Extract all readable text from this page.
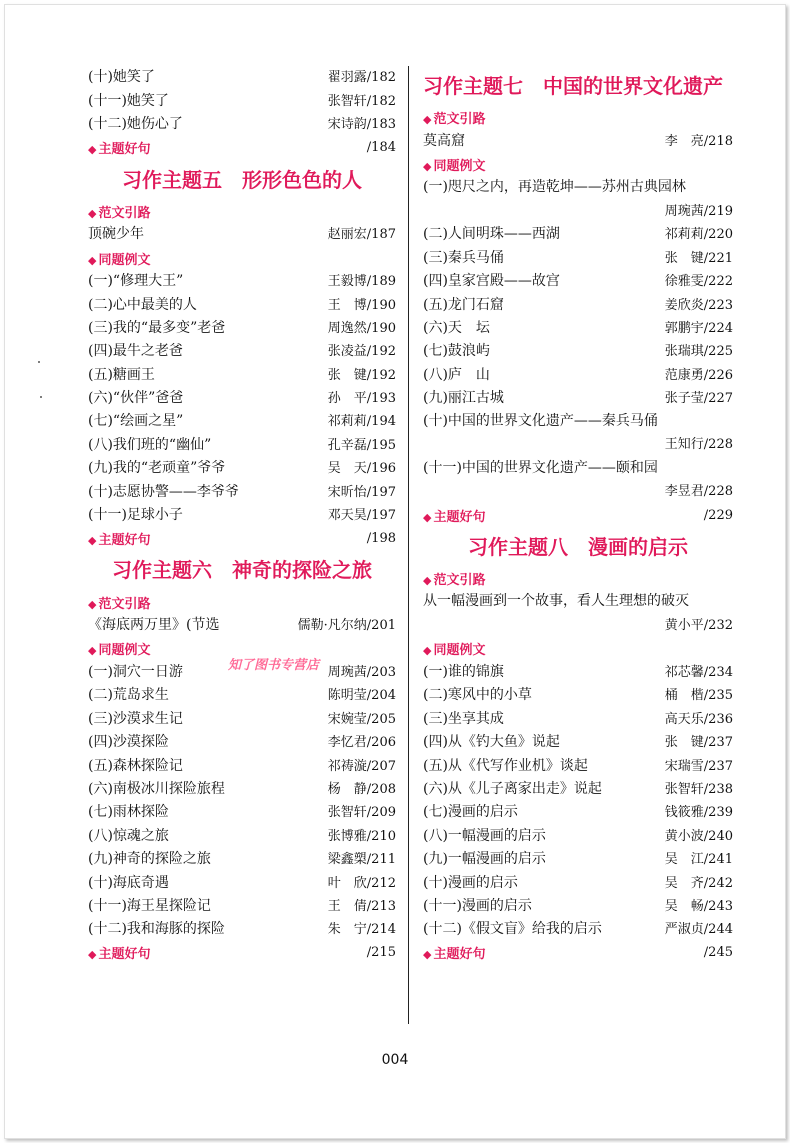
(十)她笑了	翟羽露/182
(十一)她笑了	张智轩/182
(十二)她伤心了	宋诗韵/183
◆ 主题好句	/184
习作主题五　形形色色的人
◆ 范文引路
顶碗少年	赵丽宏/187
◆ 同题例文
(一)“修理大王”	王毅博/189
(二)心中最美的人	王　博/190
(三)我的“最多变”老爸	周逸然/190
(四)最牛之老爸	张凌益/192
(五)糖画王	张　键/192
(六)“伙伴”爸爸	孙　平/193
(七)“绘画之星”	祁莉莉/194
(八)我们班的“幽仙”	孔辛磊/195
(九)我的“老顽童”爷爷	吴　天/196
(十)志愿协警——李爷爷	宋昕怡/197
(十一)足球小子	邓天昊/197
◆ 主题好句	/198
习作主题六　神奇的探险之旅
◆ 范文引路
《海底两万里》(节选	儒勒·凡尔纳/201
◆ 同题例文
(一)洞穴一日游	周琬茜/203
(二)荒岛求生	陈明莹/204
(三)沙漠求生记	宋婉莹/205
(四)沙漠探险	李忆君/206
(五)森林探险记	祁祷漩/207
(六)南极冰川探险旅程	杨　静/208
(七)雨林探险	张智轩/209
(八)惊魂之旅	张博雅/210
(九)神奇的探险之旅	梁鑫槊/211
(十)海底奇遇	叶　欣/212
(十一)海王星探险记	王　倩/213
(十二)我和海豚的探险	朱　宁/214
◆ 主题好句	/215
习作主题七　中国的世界文化遗产
◆ 范文引路
莫高窟	李　亮/218
◆ 同题例文
(一)咫尺之内，再造乾坤——苏州古典园林
周琬茜/219
(二)人间明珠——西湖	祁莉莉/220
(三)秦兵马俑	张　键/221
(四)皇家宫殿——故宫	徐雅雯/222
(五)龙门石窟	姜欣炎/223
(六)天　坛	郭鹏宇/224
(七)鼓浪屿	张瑞琪/225
(八)庐　山	范康勇/226
(九)丽江古城	张子莹/227
(十)中国的世界文化遗产——秦兵马俑
王知行/228
(十一)中国的世界文化遗产——颐和园
李昱君/228
◆ 主题好句	/229
习作主题八　漫画的启示
◆ 范文引路
从一幅漫画到一个故事，看人生理想的破灭
黄小平/232
◆ 同题例文
(一)谁的锦旗	祁芯馨/234
(二)寒风中的小草	桶　楷/235
(三)坐享其成	高天乐/236
(四)从《钓大鱼》说起	张　键/237
(五)从《代写作业机》谈起	宋瑞雪/237
(六)从《儿子离家出走》说起	张智轩/238
(七)漫画的启示	钱筱雅/239
(八)一幅漫画的启示	黄小波/240
(九)一幅漫画的启示	吴　江/241
(十)漫画的启示	吴　齐/242
(十一)漫画的启示	吴　畅/243
(十二)《假文盲》给我的启示	严淑贞/244
◆ 主题好句	/245
知了图书专营店
004
